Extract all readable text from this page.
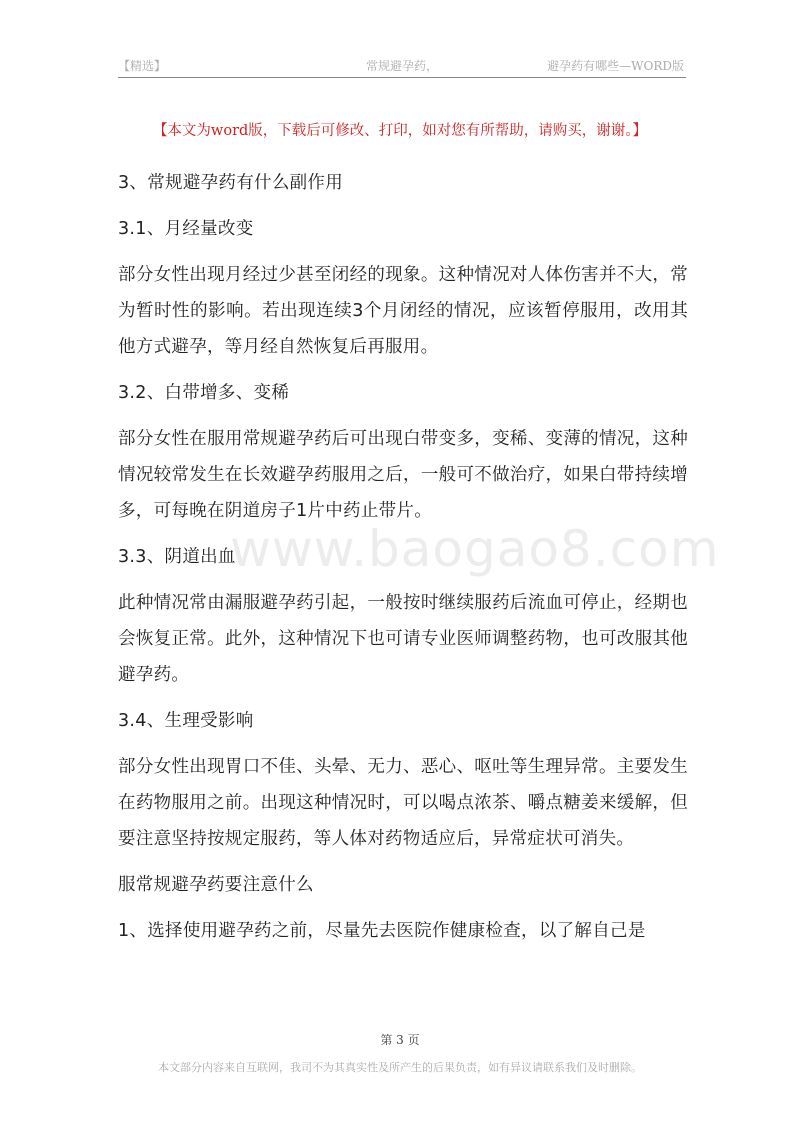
【精选】	常规避孕药，	避孕药有哪些—WORD版
【本文为word版，下载后可修改、打印，如对您有所帮助，请购买，谢谢。】
www.baogao8.com

3、常规避孕药有什么副作用

3.1、月经量改变

部分女性出现月经过少甚至闭经的现象。这种情况对人体伤害并不大，常为暂时性的影响。若出现连续3个月闭经的情况，应该暂停服用，改用其他方式避孕，等月经自然恢复后再服用。

3.2、白带增多、变稀

部分女性在服用常规避孕药后可出现白带变多，变稀、变薄的情况，这种情况较常发生在长效避孕药服用之后，一般可不做治疗，如果白带持续增多，可每晚在阴道房子1片中药止带片。

3.3、阴道出血

此种情况常由漏服避孕药引起，一般按时继续服药后流血可停止，经期也会恢复正常。此外，这种情况下也可请专业医师调整药物，也可改服其他避孕药。

3.4、生理受影响

部分女性出现胃口不佳、头晕、无力、恶心、呕吐等生理异常。主要发生在药物服用之前。出现这种情况时，可以喝点浓茶、嚼点糖姜来缓解，但要注意坚持按规定服药，等人体对药物适应后，异常症状可消失。

服常规避孕药要注意什么

1、选择使用避孕药之前，尽量先去医院作健康检查，以了解自己是

第 3 页
本文部分内容来自互联网，我司不为其真实性及所产生的后果负责，如有异议请联系我们及时删除。
